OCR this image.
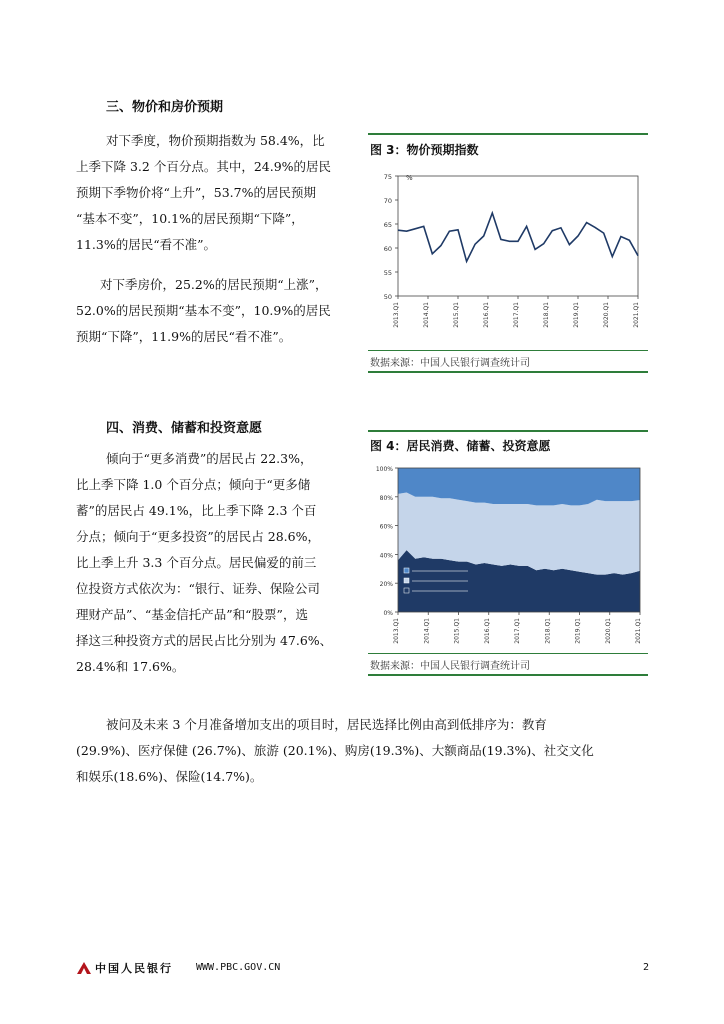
三、物价和房价预期

对下季度，物价预期指数为 58.4%，比

上季下降 3.2 个百分点。其中，24.9%的居民

预期下季物价将“上升”，53.7%的居民预期

“基本不变”，10.1%的居民预期“下降”，

11.3%的居民“看不准”。

对下季房价，25.2%的居民预期“上涨”，

52.0%的居民预期“基本不变”，10.9%的居民

预期“下降”，11.9%的居民“看不准”。

图 3：物价预期指数
50
55
60
65
70
75 %
2013.Q1	2014.Q1	2015.Q1	2016.Q1	2017.Q1	2018.Q1	2019.Q1	2020.Q1	2021.Q1
数据来源：中国人民银行调查统计司
四、消费、储蓄和投资意愿

倾向于“更多消费”的居民占 22.3%，

比上季下降 1.0 个百分点；倾向于“更多储

蓄”的居民占 49.1%，比上季下降 2.3 个百

分点；倾向于“更多投资”的居民占 28.6%，

比上季上升 3.3 个百分点。居民偏爱的前三

位投资方式依次为：“银行、证券、保险公司

理财产品”、“基金信托产品”和“股票”，选

择这三种投资方式的居民占比分别为 47.6%、

28.4%和 17.6%。

图 4：居民消费、储蓄、投资意愿
0%
20%
40%
60%
80%
100%
2013.Q1	2014.Q1	2015.Q1	2016.Q1	2017.Q1	2018.Q1	2019.Q1	2020.Q1	2021.Q1
数据来源：中国人民银行调查统计司

被问及未来 3 个月准备增加支出的项目时，居民选择比例由高到低排序为：教育

(29.9%)、医疗保健 (26.7%)、旅游 (20.1%)、购房(19.3%)、大额商品(19.3%)、社交文化

和娱乐(18.6%)、保险(14.7%)。

中国人民银行 WWW.PBC.GOV.CN	2
